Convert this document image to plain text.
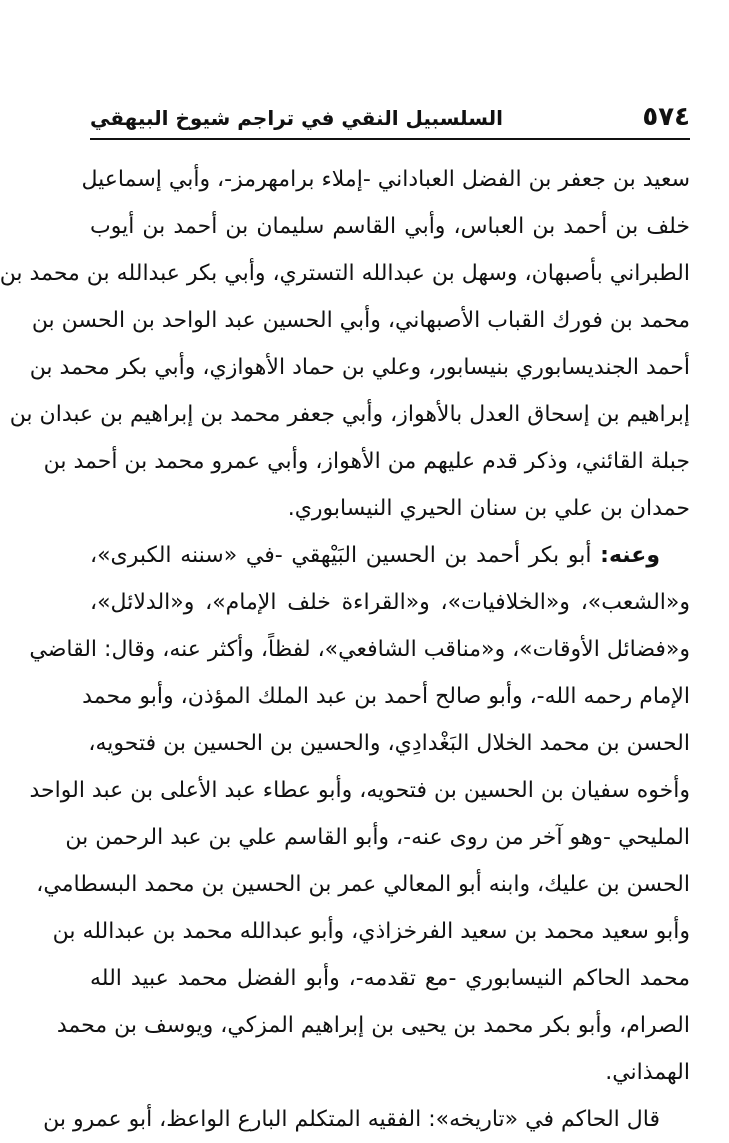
٥٧٤
السلسبيل النقي في تراجم شيوخ البيهقي
سعيد بن جعفر بن الفضل العباداني -إملاء برامهرمز-، وأبي إسماعيل
خلف بن أحمد بن العباس، وأبي القاسم سليمان بن أحمد بن أيوب
الطبراني بأصبهان، وسهل بن عبدالله التستري، وأبي بكر عبدالله بن محمد بن
محمد بن فورك القباب الأصبهاني، وأبي الحسين عبد الواحد بن الحسن بن
أحمد الجنديسابوري بنيسابور، وعلي بن حماد الأهوازي، وأبي بكر محمد بن
إبراهيم بن إسحاق العدل بالأهواز، وأبي جعفر محمد بن إبراهيم بن عبدان بن
جبلة القائني، وذكر قدم عليهم من الأهواز، وأبي عمرو محمد بن أحمد بن
حمدان بن علي بن سنان الحيري النيسابوري.
وعنه: أبو بكر أحمد بن الحسين البَيْهقي -في «سننه الكبرى»،
و«الشعب»، و«الخلافيات»، و«القراءة خلف الإمام»، و«الدلائل»،
و«فضائل الأوقات»، و«مناقب الشافعي»، لفظاً، وأكثر عنه، وقال: القاضي
الإمام رحمه الله-، وأبو صالح أحمد بن عبد الملك المؤذن، وأبو محمد
الحسن بن محمد الخلال البَغْدادِي، والحسين بن الحسين بن فتحويه،
وأخوه سفيان بن الحسين بن فتحويه، وأبو عطاء عبد الأعلى بن عبد الواحد
المليحي -وهو آخر من روى عنه-، وأبو القاسم علي بن عبد الرحمن بن
الحسن بن عليك، وابنه أبو المعالي عمر بن الحسين بن محمد البسطامي،
وأبو سعيد محمد بن سعيد الفرخزاذي، وأبو عبدالله محمد بن عبدالله بن
محمد الحاكم النيسابوري -مع تقدمه-، وأبو الفضل محمد عبيد الله
الصرام، وأبو بكر محمد بن يحيى بن إبراهيم المزكي، ويوسف بن محمد
الهمذاني.
قال الحاكم في «تاريخه»: الفقيه المتكلم البارع الواعظ، أبو عمرو بن
